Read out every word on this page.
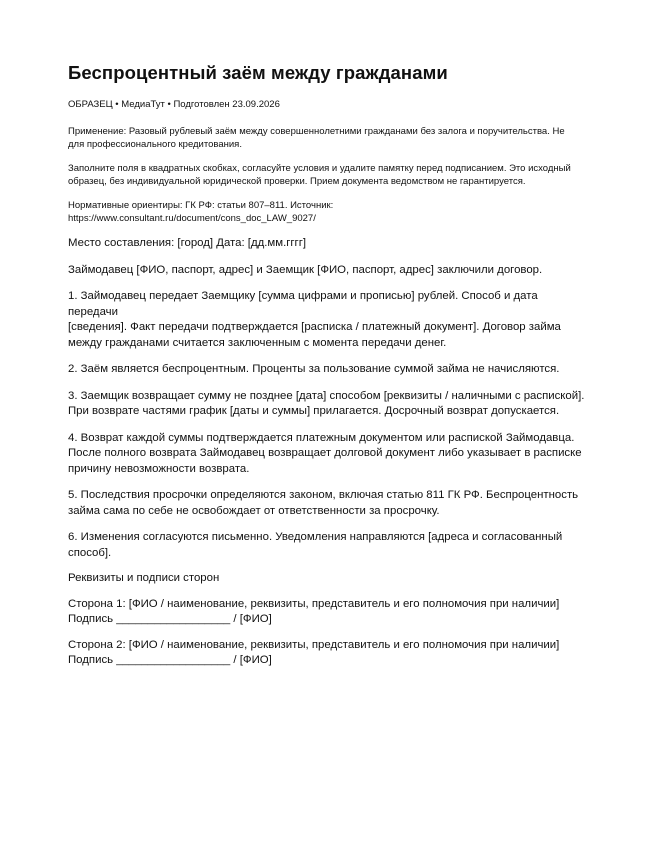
Беспроцентный заём между гражданами
ОБРАЗЕЦ • МедиаТут • Подготовлен 23.09.2026

Применение: Разовый рублевый заём между совершеннолетними гражданами без залога и поручительства. Не
для профессионального кредитования.

Заполните поля в квадратных скобках, согласуйте условия и удалите памятку перед подписанием. Это исходный
образец, без индивидуальной юридической проверки. Прием документа ведомством не гарантируется.

Нормативные ориентиры: ГК РФ: статьи 807–811. Источник:
https://www.consultant.ru/document/cons_doc_LAW_9027/

Место составления: [город] Дата: [дд.мм.гггг]

Займодавец [ФИО, паспорт, адрес] и Заемщик [ФИО, паспорт, адрес] заключили договор.

1. Займодавец передает Заемщику [сумма цифрами и прописью] рублей. Способ и дата передачи
[сведения]. Факт передачи подтверждается [расписка / платежный документ]. Договор займа
между гражданами считается заключенным с момента передачи денег.

2. Заём является беспроцентным. Проценты за пользование суммой займа не начисляются.

3. Заемщик возвращает сумму не позднее [дата] способом [реквизиты / наличными с распиской].
При возврате частями график [даты и суммы] прилагается. Досрочный возврат допускается.

4. Возврат каждой суммы подтверждается платежным документом или распиской Займодавца.
После полного возврата Займодавец возвращает долговой документ либо указывает в расписке
причину невозможности возврата.

5. Последствия просрочки определяются законом, включая статью 811 ГК РФ. Беспроцентность
займа сама по себе не освобождает от ответственности за просрочку.

6. Изменения согласуются письменно. Уведомления направляются [адреса и согласованный
способ].

Реквизиты и подписи сторон

Сторона 1: [ФИО / наименование, реквизиты, представитель и его полномочия при наличии]
Подпись __________________ / [ФИО]

Сторона 2: [ФИО / наименование, реквизиты, представитель и его полномочия при наличии]
Подпись __________________ / [ФИО]
